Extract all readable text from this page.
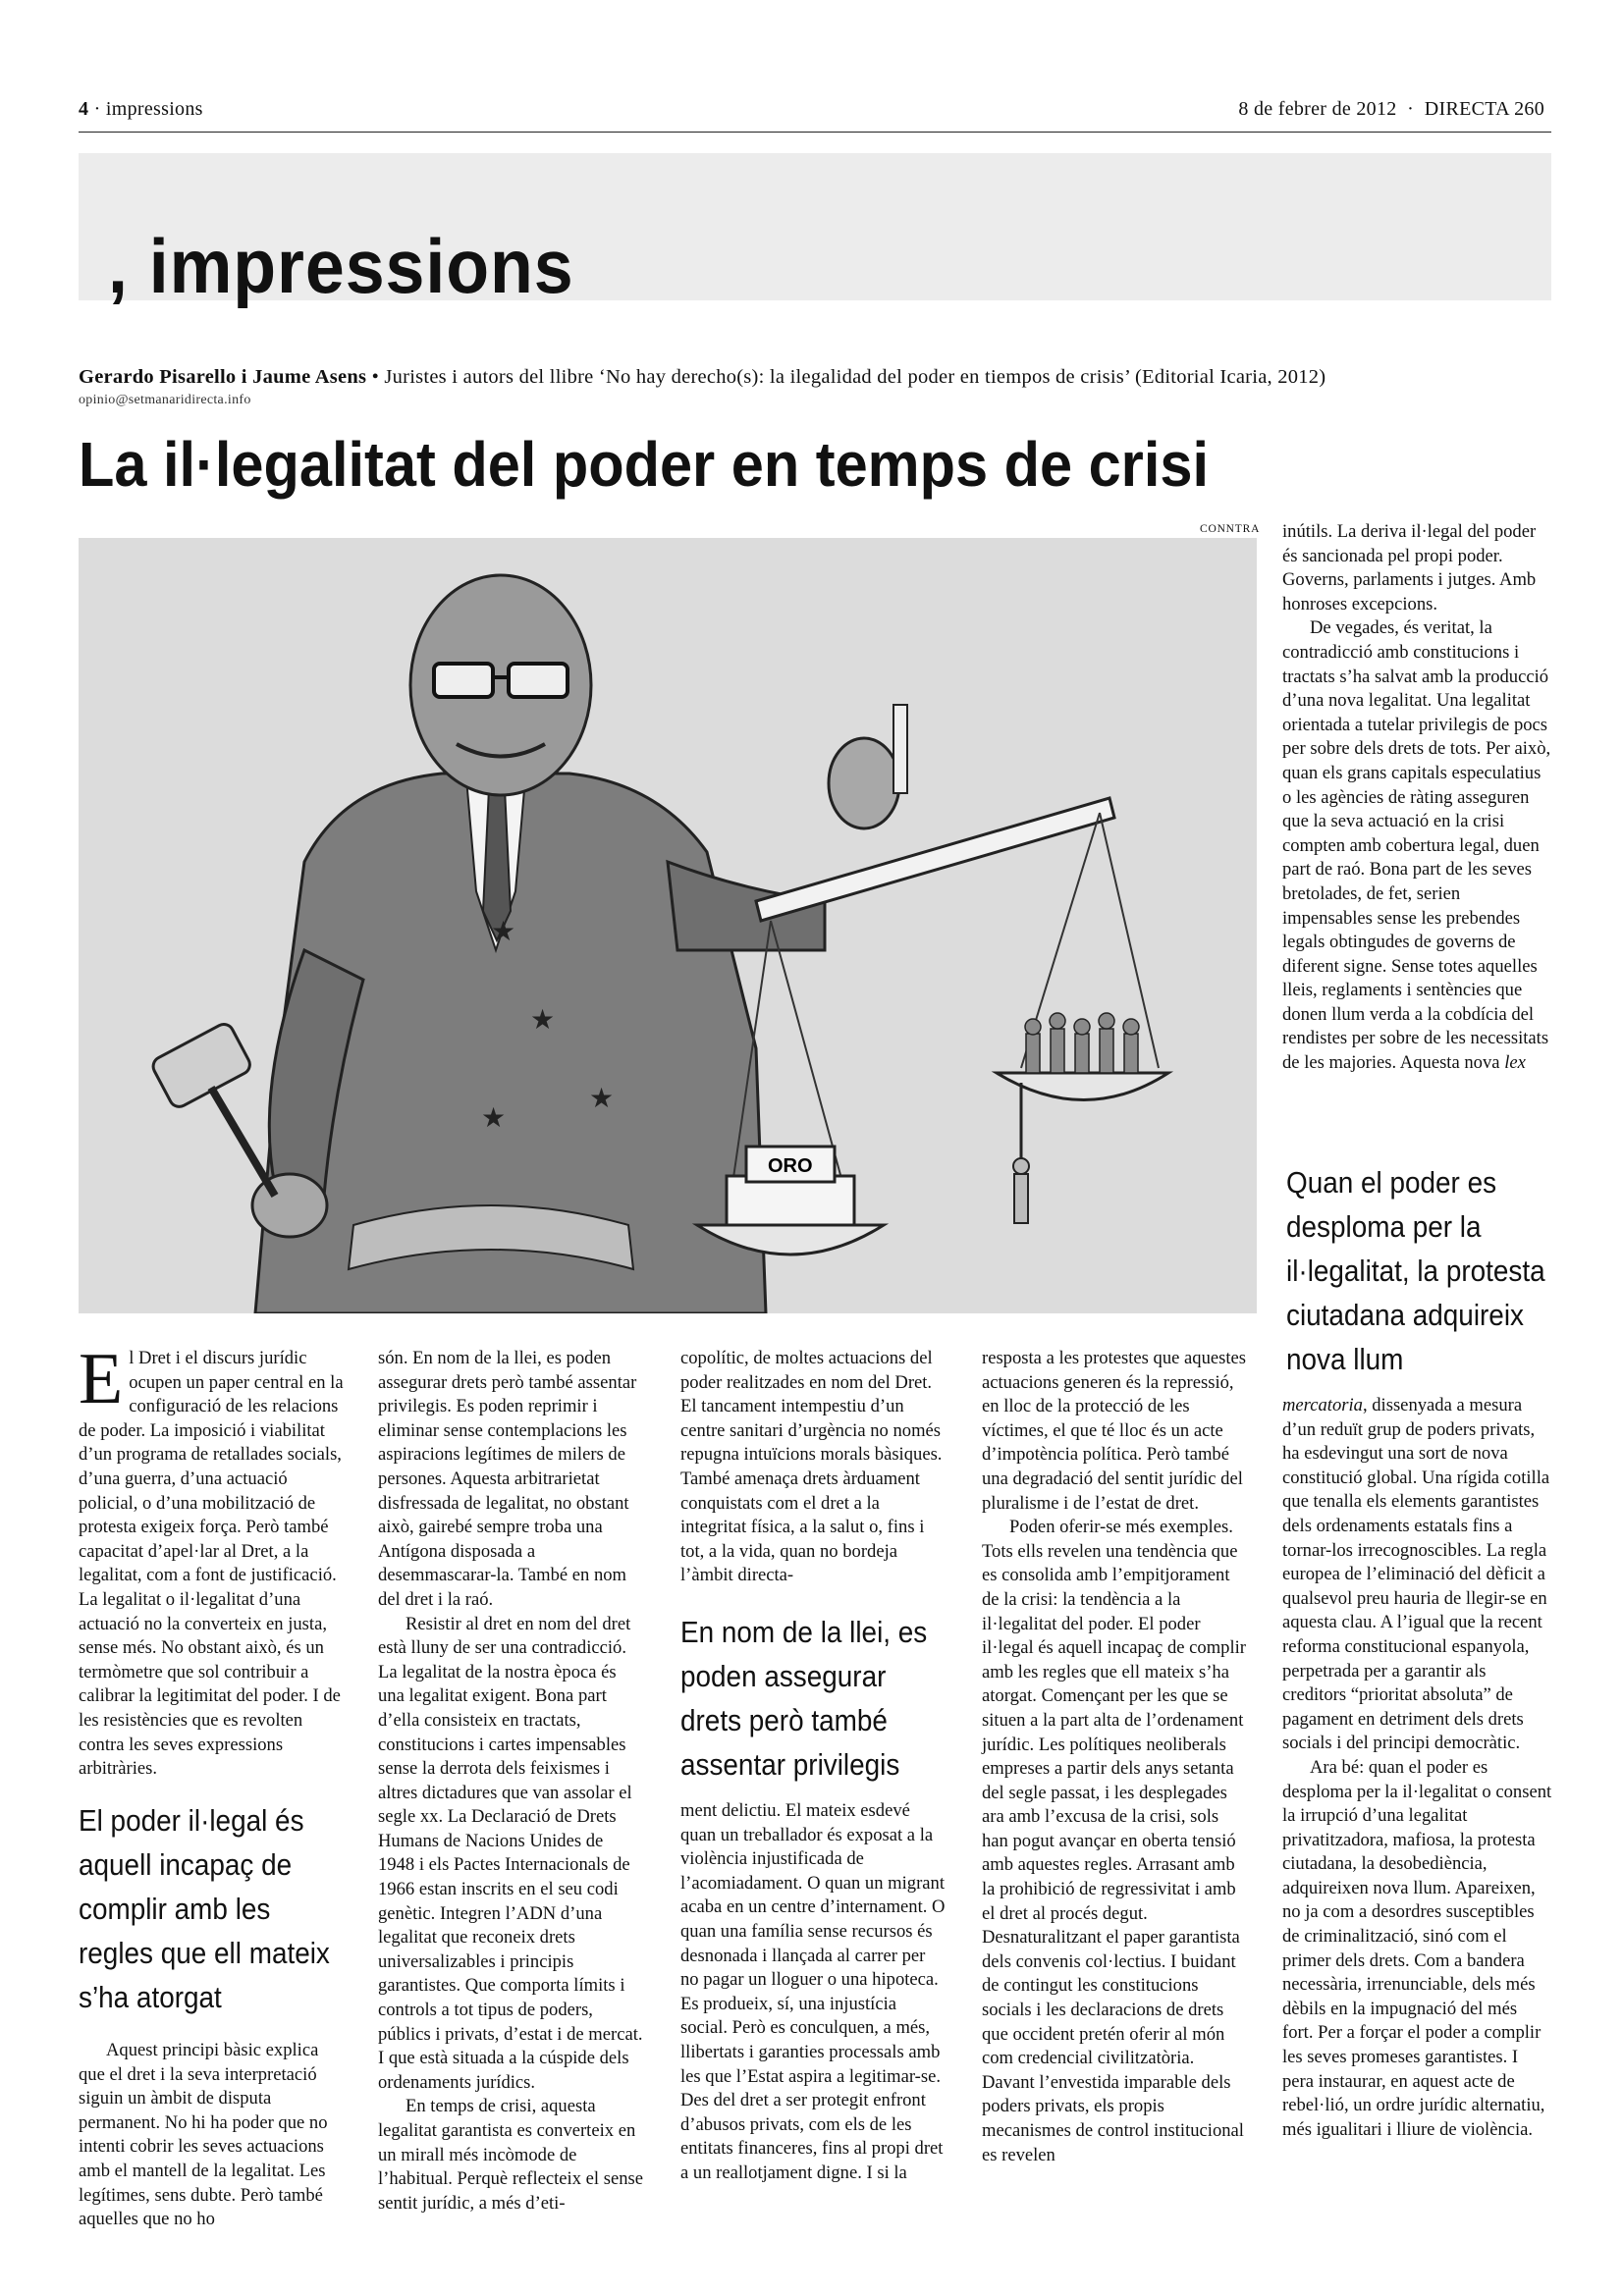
4 · impressions	8 de febrer de 2012  ·  DIRECTA 260
, impressions
Gerardo Pisarello i Jaume Asens • Juristes i autors del llibre ‘No hay derecho(s): la ilegalidad del poder en tiempos de crisis’ (Editorial Icaria, 2012)
opinio@setmanaridirecta.info
La il·legalitat del poder en temps de crisi
CONNTRA
★
★
★
★
ORO

El Dret i el discurs jurídic ocupen un paper central en la configuració de les relacions de poder. La imposició i viabilitat d’un programa de retallades socials, d’una guerra, d’una actuació policial, o d’una mobilització de protesta exigeix força. Però també capacitat d’apel·lar al Dret, a la legalitat, com a font de justificació. La legalitat o il·legalitat d’una actuació no la converteix en justa, sense més. No obstant això, és un termòmetre que sol contribuir a calibrar la legitimitat del poder. I de les resistències que es revolten contra les seves expressions arbitràries.

El poder il·legal és aquell incapaç de complir amb les regles que ell mateix s’ha atorgat

Aquest principi bàsic explica que el dret i la seva interpretació siguin un àmbit de disputa permanent. No hi ha poder que no intenti cobrir les seves actuacions amb el mantell de la legalitat. Les legítimes, sens dubte. Però també aquelles que no ho

són. En nom de la llei, es poden assegurar drets però també assentar privilegis. Es poden reprimir i eliminar sense contemplacions les aspiracions legítimes de milers de persones. Aquesta arbitrarietat disfressada de legalitat, no obstant això, gairebé sempre troba una Antígona disposada a desemmascarar-la. També en nom del dret i la raó.

Resistir al dret en nom del dret està lluny de ser una contradicció. La legalitat de la nostra època és una legalitat exigent. Bona part d’ella consisteix en tractats, constitucions i cartes impensables sense la derrota dels feixismes i altres dictadures que van assolar el segle xx. La Declaració de Drets Humans de Nacions Unides de 1948 i els Pactes Internacionals de 1966 estan inscrits en el seu codi genètic. Integren l’ADN d’una legalitat que reconeix drets universalizables i principis garantistes. Que comporta límits i controls a tot tipus de poders, públics i privats, d’estat i de mercat. I que està situada a la cúspide dels ordenaments jurídics.

En temps de crisi, aquesta legalitat garantista es converteix en un mirall més incòmode de l’habitual. Perquè reflecteix el sense sentit jurídic, a més d’eti-

copolític, de moltes actuacions del poder realitzades en nom del Dret. El tancament intempestiu d’un centre sanitari d’urgència no només repugna intuïcions morals bàsiques. També amenaça drets àrduament conquistats com el dret a la integritat física, a la salut o, fins i tot, a la vida, quan no bordeja l’àmbit directa-

En nom de la llei, es poden assegurar drets però també assentar privilegis

ment delictiu. El mateix esdevé quan un treballador és exposat a la violència injustificada de l’acomiadament. O quan un migrant acaba en un centre d’internament. O quan una família sense recursos és desnonada i llançada al carrer per no pagar un lloguer o una hipoteca. Es produeix, sí, una injustícia social. Però es conculquen, a més, llibertats i garanties processals amb les que l’Estat aspira a legitimar-se. Des del dret a ser protegit enfront d’abusos privats, com els de les entitats financeres, fins al propi dret a un reallotjament digne. I si la

resposta a les protestes que aquestes actuacions generen és la repressió, en lloc de la protecció de les víctimes, el que té lloc és un acte d’impotència política. Però també una degradació del sentit jurídic del pluralisme i de l’estat de dret.

Poden oferir-se més exemples. Tots ells revelen una tendència que es consolida amb l’empitjorament de la crisi: la tendència a la il·legalitat del poder. El poder il·legal és aquell incapaç de complir amb les regles que ell mateix s’ha atorgat. Començant per les que se situen a la part alta de l’ordenament jurídic. Les polítiques neoliberals empreses a partir dels anys setanta del segle passat, i les desplegades ara amb l’excusa de la crisi, sols han pogut avançar en oberta tensió amb aquestes regles. Arrasant amb la prohibició de regressivitat i amb el dret al procés degut. Desnaturalitzant el paper garantista dels convenis col·lectius. I buidant de contingut les constitucions socials i les declaracions de drets que occident pretén oferir al món com credencial civilitzatòria. Davant l’envestida imparable dels poders privats, els propis mecanismes de control institucional es revelen

inútils. La deriva il·legal del poder és sancionada pel propi poder. Governs, parlaments i jutges. Amb honroses excepcions.

De vegades, és veritat, la contradicció amb constitucions i tractats s’ha salvat amb la producció d’una nova legalitat. Una legalitat orientada a tutelar privilegis de pocs per sobre dels drets de tots. Per això, quan els grans capitals especulatius o les agències de ràting asseguren que la seva actuació en la crisi compten amb cobertura legal, duen part de raó. Bona part de les seves bretolades, de fet, serien impensables sense les prebendes legals obtingudes de governs de diferent signe. Sense totes aquelles lleis, reglaments i sentències que donen llum verda a la cobdícia del rendistes per sobre de les necessitats de les majories. Aquesta nova lex

Quan el poder es desploma per la il·legalitat, la protesta ciutadana adquireix nova llum

mercatoria, dissenyada a mesura d’un reduït grup de poders privats, ha esdevingut una sort de nova constitució global. Una rígida cotilla que tenalla els elements garantistes dels ordenaments estatals fins a tornar-los irrecognoscibles. La regla europea de l’eliminació del dèficit a qualsevol preu hauria de llegir-se en aquesta clau. A l’igual que la recent reforma constitucional espanyola, perpetrada per a garantir als creditors “prioritat absoluta” de pagament en detriment dels drets socials i del principi democràtic.

Ara bé: quan el poder es desploma per la il·legalitat o consent la irrupció d’una legalitat privatitzadora, mafiosa, la protesta ciutadana, la desobediència, adquireixen nova llum. Apareixen, no ja com a desordres susceptibles de criminalització, sinó com el primer dels drets. Com a bandera necessària, irrenunciable, dels més dèbils en la impugnació del més fort. Per a forçar el poder a complir les seves promeses garantistes. I pera instaurar, en aquest acte de rebel·lió, un ordre jurídic alternatiu, més igualitari i lliure de violència.
